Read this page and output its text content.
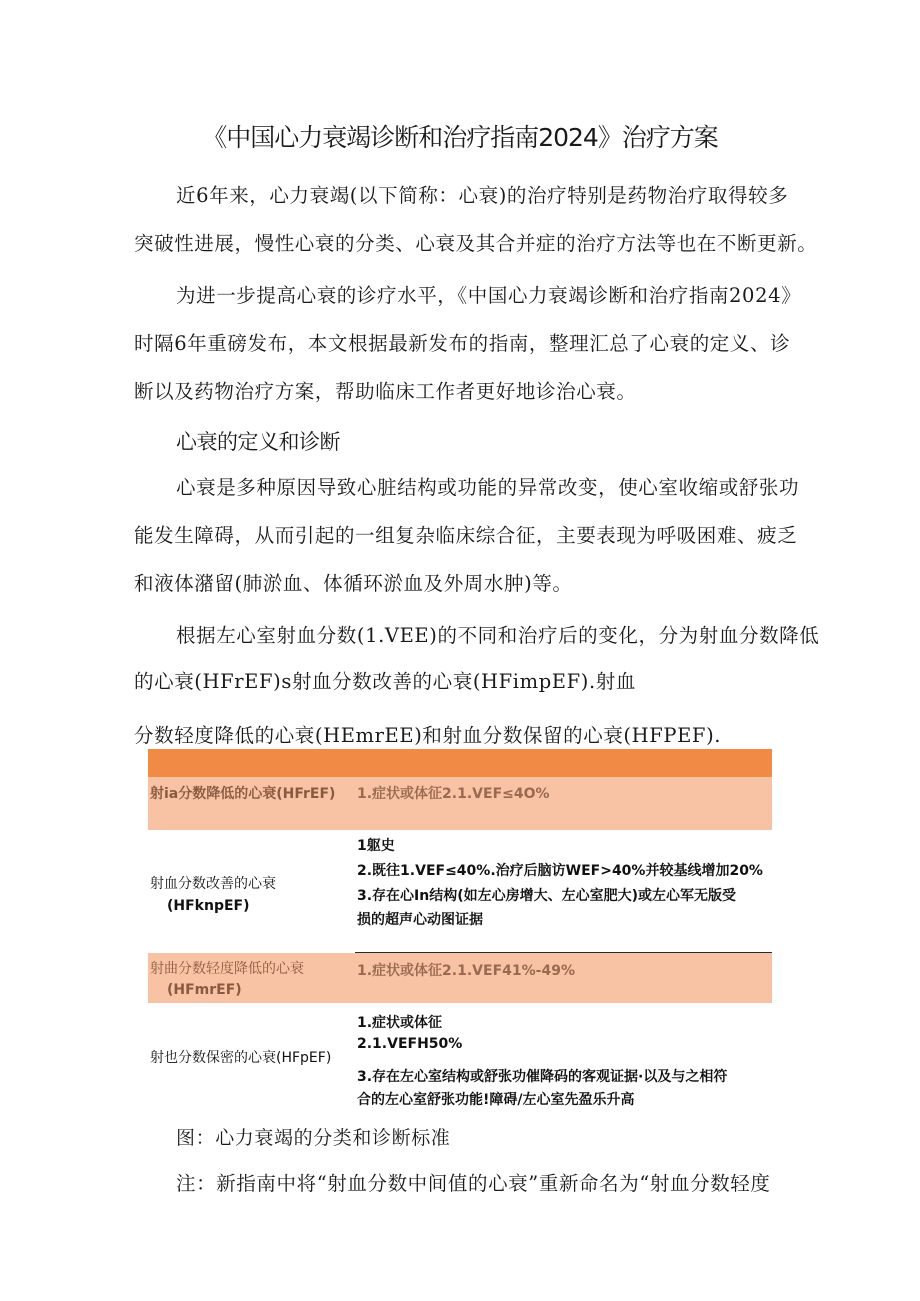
《中国心力衰竭诊断和治疗指南2024》治疗方案
近6年来，心力衰竭(以下简称：心衰)的治疗特别是药物治疗取得较多
突破性进展，慢性心衰的分类、心衰及其合并症的治疗方法等也在不断更新。
为进一步提高心衰的诊疗水平，《中国心力衰竭诊断和治疗指南2024》
时隔6年重磅发布，本文根据最新发布的指南，整理汇总了心衰的定义、诊
断以及药物治疗方案，帮助临床工作者更好地诊治心衰。
心衰的定义和诊断
心衰是多种原因导致心脏结构或功能的异常改变，使心室收缩或舒张功
能发生障碍，从而引起的一组复杂临床综合征，主要表现为呼吸困难、疲乏
和液体潴留(肺淤血、体循环淤血及外周水肿)等。
根据左心室射血分数(1.VEE)的不同和治疗后的变化，分为射血分数降低
的心衰(HFrEF)s射血分数改善的心衰(HFimpEF).射血
分数轻度降低的心衰(HEmrEE)和射血分数保留的心衰(HFPEF).
射ia分数降低的心衰(HFrEF) 1.症状或体征2.1.VEF≤4O%
射血分数改善的心衰
(HFknpEF)
1躯史
2.既往1.VEF≤40%.治疗后脑访WEF>40%并较基线增加20%
3.存在心In结构(如左心房增大、左心室肥大)或左心军无版受
损的超声心动图证据
射曲分数轻度降低的心衰
(HFmrEF)
1.症状或体征2.1.VEF41%-49%
射也分数保密的心衰(HFpEF)
1.症状或体征
2.1.VEFH50%
3.存在左心室结构或舒张功催降码的客观证据·以及与之相符
合的左心室舒张功能!障碍/左心室先盈乐升高
图：心力衰竭的分类和诊断标准
注：新指南中将“射血分数中间值的心衰”重新命名为“射血分数轻度
